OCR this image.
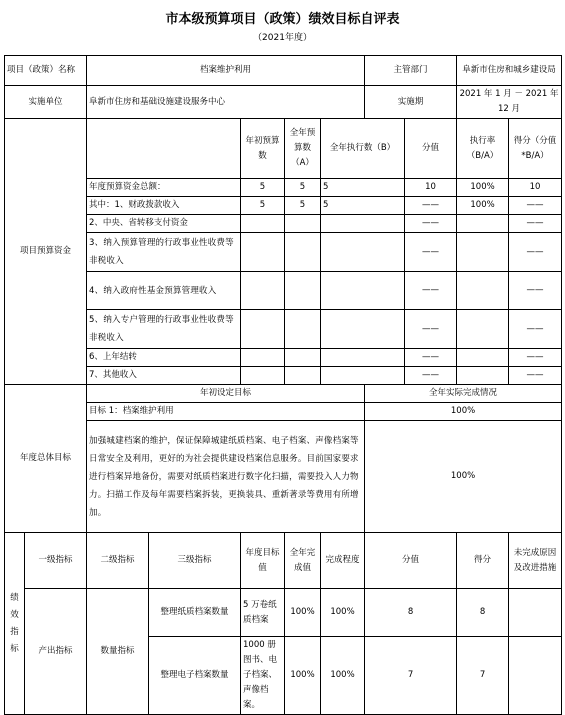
市本级预算项目（政策）绩效目标自评表
（2021年度）
项目（政策）名称		档案维护利用					主管部门		阜新市住房和城乡建设局	
实施单位		阜新市住房和基础设施建设服务中心					实施期		2021 年 1 月 － 2021 年 12 月	
项目预算资金				年初预算数	全年预算数（A）	全年执行数（B）		分值	执行率（B/A）	得分（分值*B/A）
		年度预算资金总额：		5	5	5		10	100%	10
		其中：1、财政拨款收入		5	5	5		——	100%	——
		2、中央、省转移支付资金						——		——
		3、纳入预算管理的行政事业性收费等非税收入						——		——
		4、纳入政府性基金预算管理收入						——		——
		5、纳入专户管理的行政事业性收费等非税收入						——		——
		6、上年结转						——		——
		7、其他收入						——		——
年度总体目标		年初设定目标					全年实际完成情况			
		目标 1：档案维护利用					100%			
		加强城建档案的维护，保证保障城建纸质档案、电子档案、声像档案等日常安全及利用，更好的为社会提供建设档案信息服务。目前国家要求进行档案异地备份，需要对纸质档案进行数字化扫描，需要投入人力物力。扫描工作及每年需要档案拆装，更换装具、重新著录等费用有所增加。					100%			
绩效指标	一级指标	二级指标	三级指标	年度目标值	全年完成值	完成程度	分值		得分	未完成原因及改进措施
	产出指标	数量指标	整理纸质档案数量	5 万卷纸质档案	100%	100%	8		8	
			整理电子档案数量	1000 册图书、电子档案、声像档案。	100%	100%	7		7	
